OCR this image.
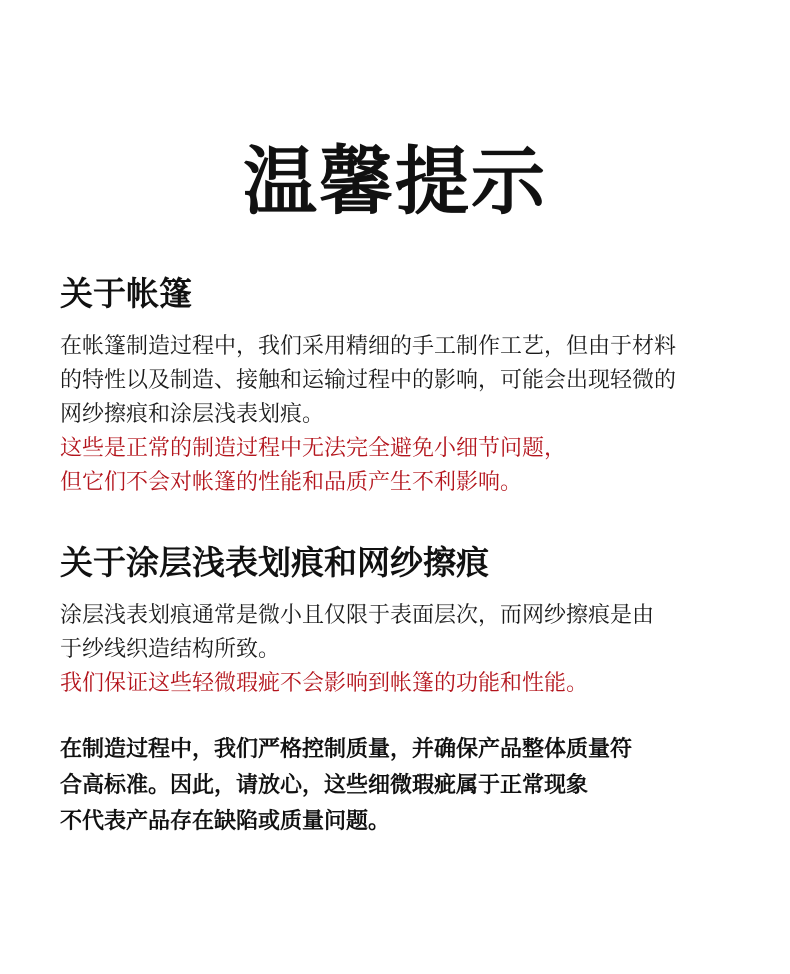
温馨提示
关于帐篷
在帐篷制造过程中，我们采用精细的手工制作工艺，但由于材料
的特性以及制造、接触和运输过程中的影响，可能会出现轻微的
网纱擦痕和涂层浅表划痕。
这些是正常的制造过程中无法完全避免小细节问题，
但它们不会对帐篷的性能和品质产生不利影响。
关于涂层浅表划痕和网纱擦痕
涂层浅表划痕通常是微小且仅限于表面层次，而网纱擦痕是由
于纱线织造结构所致。
我们保证这些轻微瑕疵不会影响到帐篷的功能和性能。
在制造过程中，我们严格控制质量，并确保产品整体质量符
合高标准。因此，请放心，这些细微瑕疵属于正常现象
不代表产品存在缺陷或质量问题。
